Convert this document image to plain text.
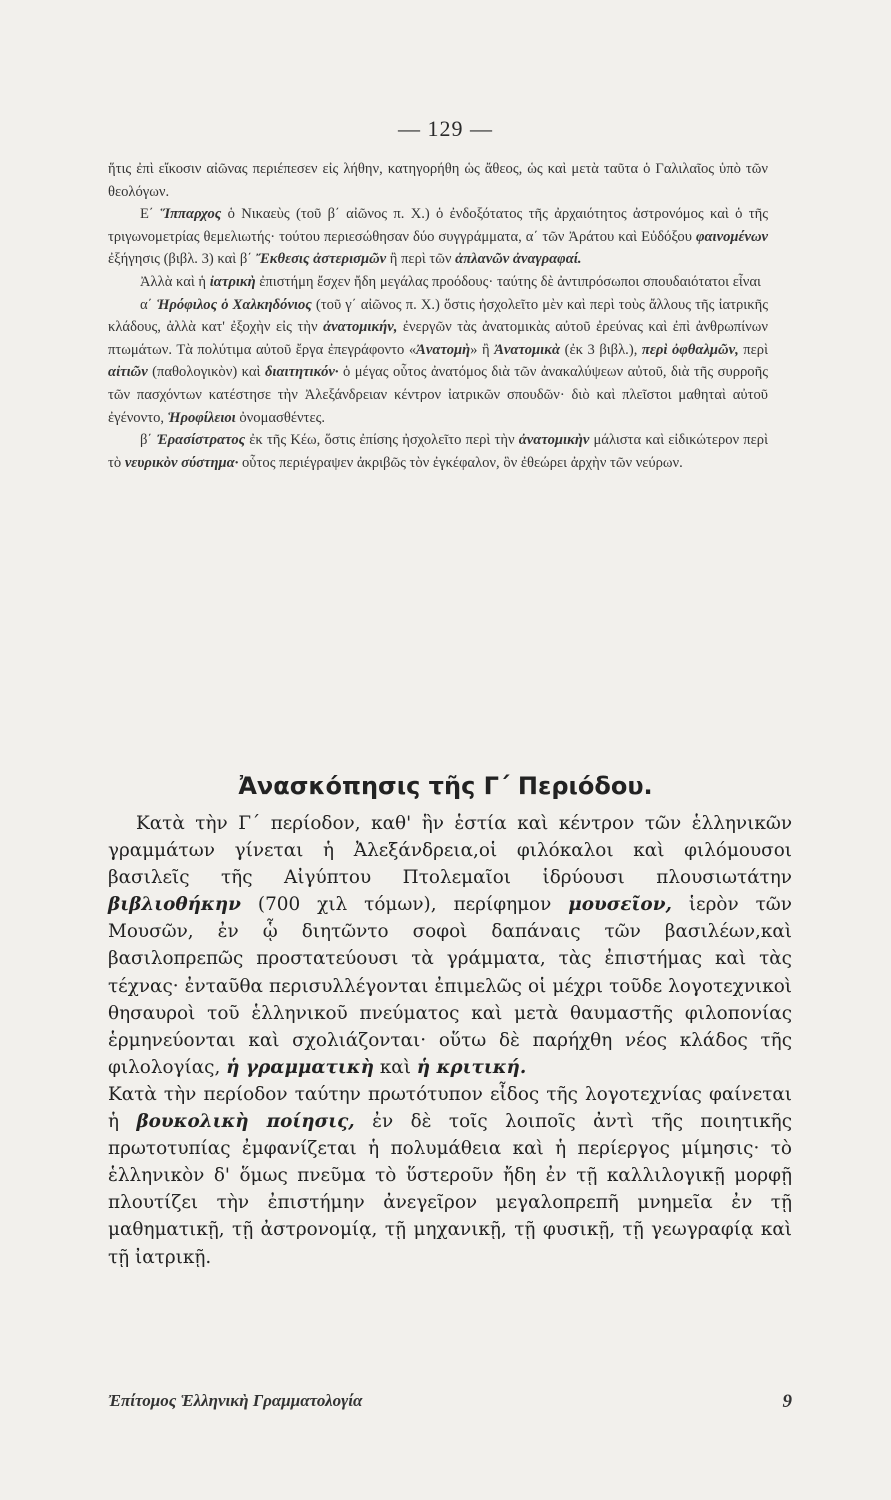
— 129 —

ἥτις ἐπὶ εἴκοσιν αἰῶνας περιέπεσεν εἰς λήθην, κατηγορήθη ὡς ἄθεος, ὡς καὶ μετὰ ταῦτα ὁ Γαλιλαῖος ὑπὸ τῶν θεολόγων.

Ε΄ Ἵππαρχος ὁ Νικαεὺς (τοῦ β΄ αἰῶνος π. Χ.) ὁ ἐνδοξότατος τῆς ἀρχαιότητος ἀστρονόμος καὶ ὁ τῆς τριγωνομετρίας θεμελιωτής· τούτου περιεσώθησαν δύο συγγράμματα, α΄ τῶν Ἀράτου καὶ Εὐδόξου φαινομένων ἐξήγησις (βιβλ. 3) καὶ β΄ Ἔκθεσις ἀστερισμῶν ἢ περὶ τῶν ἀπλανῶν ἀναγραφαί.

Ἀλλὰ καὶ ἡ ἰατρικὴ ἐπιστήμη ἔσχεν ἤδη μεγάλας προόδους· ταύτης δὲ ἀντιπρόσωποι σπουδαιότατοι εἶναι

α΄ Ἡρόφιλος ὁ Χαλκηδόνιος (τοῦ γ΄ αἰῶνος π. Χ.) ὅστις ἠσχολεῖτο μὲν καὶ περὶ τοὺς ἄλλους τῆς ἰατρικῆς κλάδους, ἀλλὰ κατ' ἐξοχὴν εἰς τὴν ἀνατομικήν, ἐνεργῶν τὰς ἀνατομικὰς αὐτοῦ ἐρεύνας καὶ ἐπὶ ἀνθρωπίνων πτωμάτων. Τὰ πολύτιμα αὐτοῦ ἔργα ἐπεγράφοντο «Ἀνατομὴ» ἢ Ἀνατομικὰ (ἐκ 3 βιβλ.), περὶ ὀφθαλμῶν, περὶ αἰτιῶν (παθολογικὸν) καὶ διαιτητικόν· ὁ μέγας οὗτος ἀνατόμος διὰ τῶν ἀνακαλύψεων αὐτοῦ, διὰ τῆς συρροῆς τῶν πασχόντων κατέστησε τὴν Ἀλεξάνδρειαν κέντρον ἰατρικῶν σπουδῶν· διὸ καὶ πλεῖστοι μαθηταὶ αὐτοῦ ἐγένοντο, Ἡροφίλειοι ὀνομασθέντες.

β΄ Ἐρασίστρατος ἐκ τῆς Κέω, ὅστις ἐπίσης ἠσχολεῖτο περὶ τὴν ἀνατομικὴν μάλιστα καὶ εἰδικώτερον περὶ τὸ νευρικὸν σύστημα· οὗτος περιέγραψεν ἀκριβῶς τὸν ἐγκέφαλον, ὃν ἐθεώρει ἀρχὴν τῶν νεύρων.

Ἀνασκόπησις τῆς Γ΄ Περιόδου.

Κατὰ τὴν Γ΄ περίοδον, καθ' ἣν ἑστία καὶ κέντρον τῶν ἑλληνικῶν γραμμάτων γίνεται ἡ Ἀλεξάνδρεια,οἱ φιλόκαλοι καὶ φιλόμουσοι βασιλεῖς τῆς Αἰγύπτου Πτολεμαῖοι ἱδρύουσι πλουσιωτάτην βιβλιοθήκην (700 χιλ τόμων), περίφημον μουσεῖον, ἱερὸν τῶν Μουσῶν, ἐν ᾧ διητῶντο σοφοὶ δαπάναις τῶν βασιλέων,καὶ βασιλοπρεπῶς προστατεύουσι τὰ γράμματα, τὰς ἐπιστήμας καὶ τὰς τέχνας· ἐνταῦθα περισυλλέγονται ἐπιμελῶς οἱ μέχρι τοῦδε λογοτεχνικοὶ θησαυροὶ τοῦ ἑλληνικοῦ πνεύματος καὶ μετὰ θαυμαστῆς φιλοπονίας ἑρμηνεύονται καὶ σχολιάζονται· οὕτω δὲ παρήχθη νέος κλάδος τῆς φιλολογίας, ἡ γραμματικὴ καὶ ἡ κριτική.

Κατὰ τὴν περίοδον ταύτην πρωτότυπον εἶδος τῆς λογοτεχνίας φαίνεται ἡ βουκολικὴ ποίησις, ἐν δὲ τοῖς λοιποῖς ἀντὶ τῆς ποιητικῆς πρωτοτυπίας ἐμφανίζεται ἡ πολυμάθεια καὶ ἡ περίεργος μίμησις· τὸ ἑλληνικὸν δ' ὅμως πνεῦμα τὸ ὕστεροῦν ἤδη ἐν τῇ καλλιλογικῇ μορφῇ πλουτίζει τὴν ἐπιστήμην ἀνεγεῖρον μεγαλοπρεπῆ μνημεῖα ἐν τῇ μαθηματικῇ, τῇ ἀστρονομίᾳ, τῇ μηχανικῇ, τῇ φυσικῇ, τῇ γεωγραφίᾳ καὶ τῇ ἰατρικῇ.

Ἐπίτομος Ἑλληνικὴ Γραμματολογία	9
